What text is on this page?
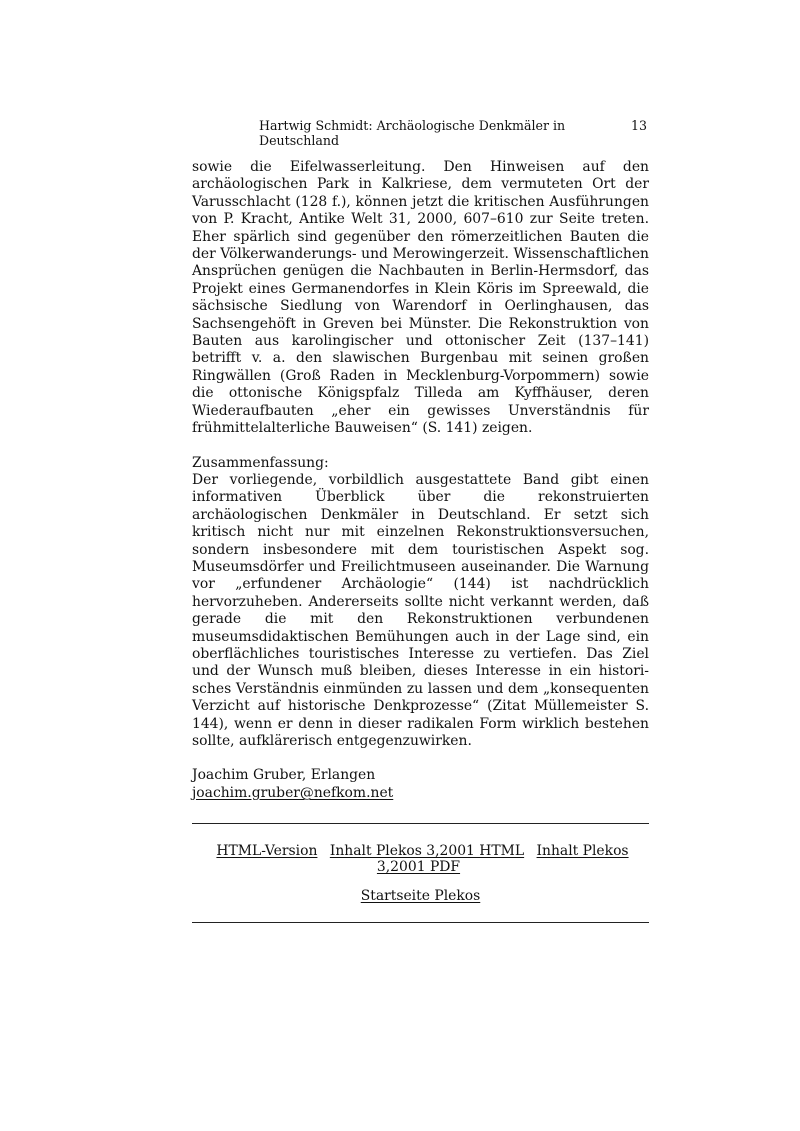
Hartwig Schmidt: Archäologische Denkmäler in Deutschland
13

sowie die Eifelwasserleitung. Den Hinweisen auf den archäologischen Park in Kalkriese, dem vermuteten Ort der Varusschlacht (128 f.), können jetzt die kritischen Ausführungen von P. Kracht, Antike Welt 31, 2000, 607–610 zur Seite treten. Eher spärlich sind gegenüber den römerzeitlichen Bauten die der Völkerwanderungs- und Merowingerzeit. Wissenschaftlichen Ansprüchen genügen die Nachbauten in Berlin-Hermsdorf, das Projekt eines Germanendorfes in Klein Köris im Spreewald, die sächsische Siedlung von Warendorf in Oerlinghausen, das Sachsengehöft in Greven bei Münster. Die Rekonstruktion von Bauten aus karolingischer und ottonischer Zeit (137–141) betrifft v. a. den slawischen Burgenbau mit seinen großen Ringwällen (Groß Raden in Mecklenburg-Vorpommern) sowie die ottonische Königspfalz Tilleda am Kyffhäuser, deren Wiederaufbauten „eher ein gewisses Unverständnis für frühmittelalterliche Bauweisen“ (S. 141) zeigen.

Zusammenfassung:

Der vorliegende, vorbildlich ausgestattete Band gibt einen informativen Überblick über die rekonstruierten archäologischen Denkmäler in Deutschland. Er setzt sich kritisch nicht nur mit einzelnen Rekonstruktionsversuchen, sondern insbesondere mit dem touristischen Aspekt sog. Museumsdörfer und Freilichtmuseen auseinander. Die Warnung vor „erfundener Archäologie“ (144) ist nachdrücklich hervorzuheben. Andererseits sollte nicht verkannt werden, daß gerade die mit den Rekonstruktionen verbundenen museumsdidaktischen Bemühungen auch in der Lage sind, ein oberflächliches touristisches Interesse zu vertiefen. Das Ziel und der Wunsch muß bleiben, dieses Interesse in ein historisches Verständnis einmünden zu lassen und dem „konsequenten Verzicht auf historische Denkprozesse“ (Zitat Müllemeister S. 144), wenn er denn in dieser radikalen Form wirklich bestehen sollte, aufklärerisch entgegenzuwirken.

Joachim Gruber, Erlangen

joachim.gruber@nefkom.net

HTML-Version Inhalt Plekos 3,2001 HTML Inhalt Plekos 3,2001 PDF
Startseite Plekos
